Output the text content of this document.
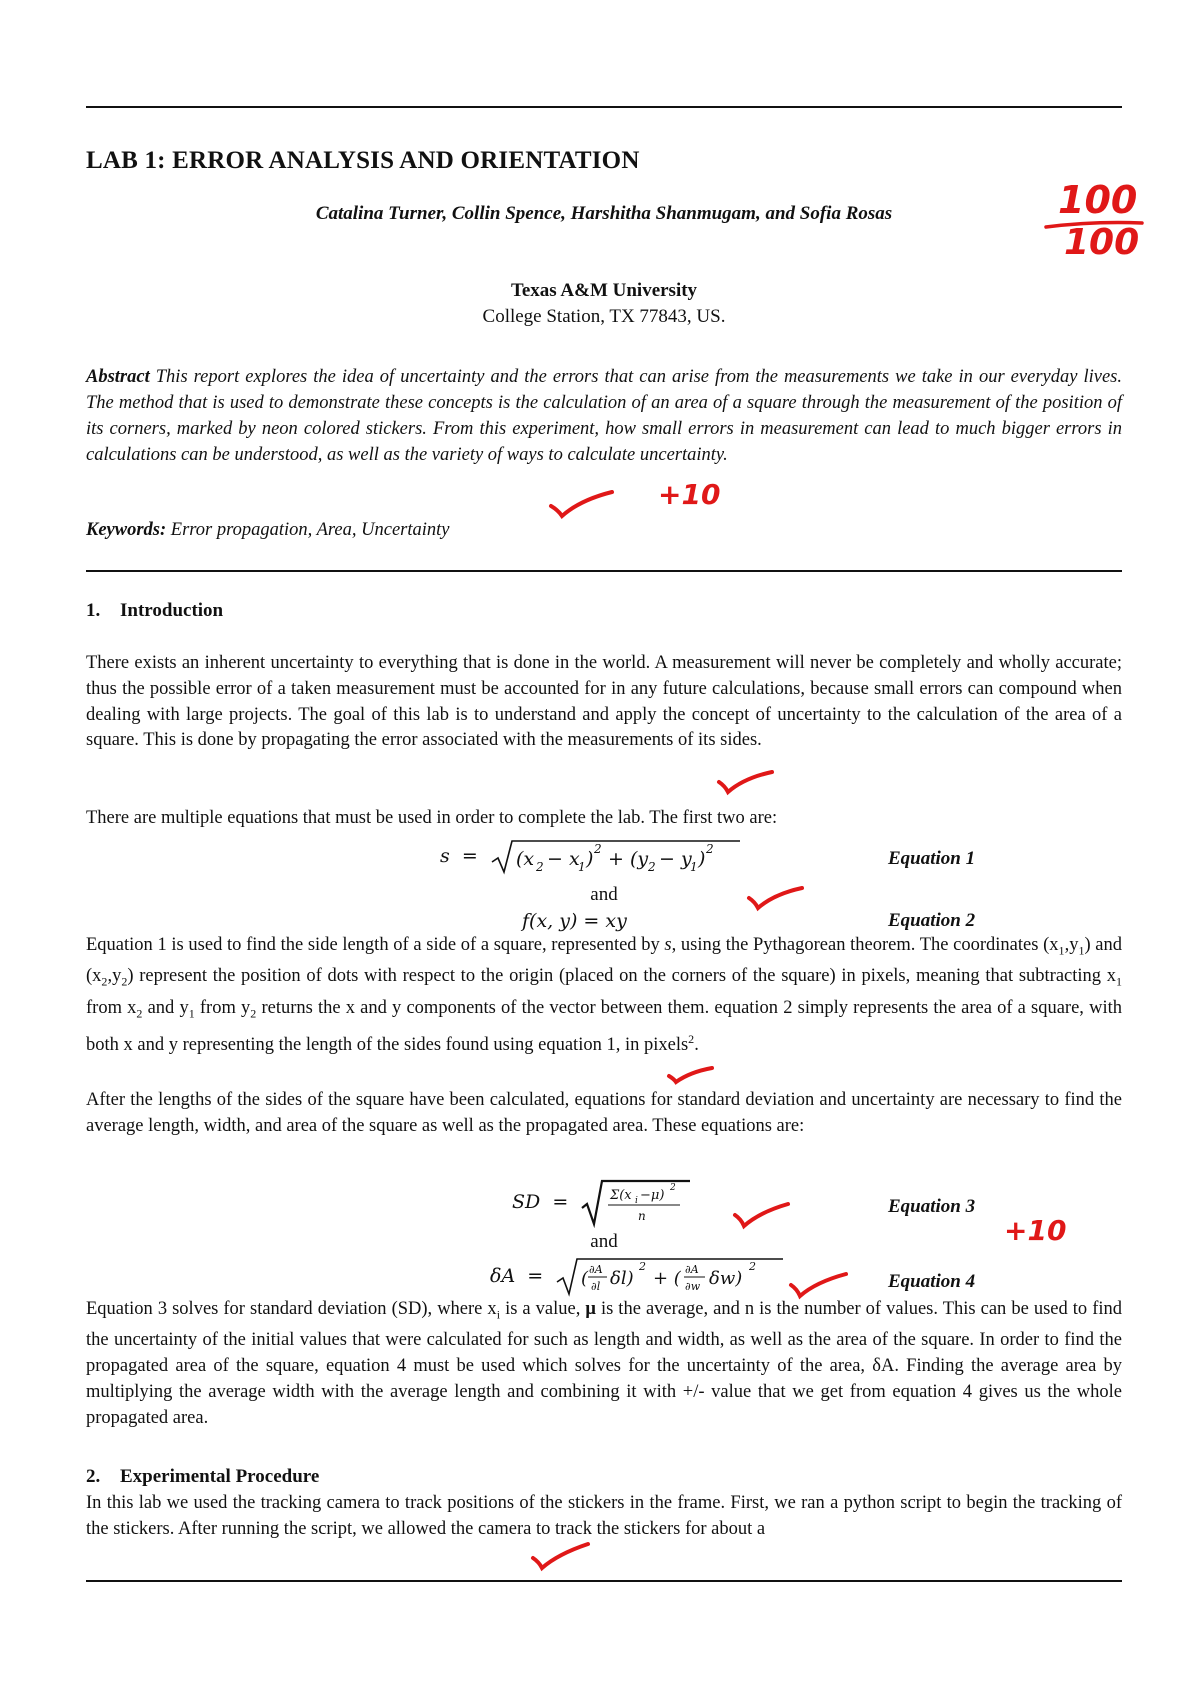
LAB 1: ERROR ANALYSIS AND ORIENTATION
Catalina Turner, Collin Spence, Harshitha Shanmugam, and Sofia Rosas
Texas A&M University
College Station, TX 77843, US.

Abstract This report explores the idea of uncertainty and the errors that can arise from the measurements we take in our everyday lives. The method that is used to demonstrate these concepts is the calculation of an area of a square through the measurement of the position of its corners, marked by neon colored stickers. From this experiment, how small errors in measurement can lead to much bigger errors in calculations can be understood, as well as the variety of ways to calculate uncertainty.

Keywords: Error propagation, Area, Uncertainty
1. Introduction

There exists an inherent uncertainty to everything that is done in the world. A measurement will never be completely and wholly accurate; thus the possible error of a taken measurement must be accounted for in any future calculations, because small errors can compound when dealing with large projects. The goal of this lab is to understand and apply the concept of uncertainty to the calculation of the area of a square. This is done by propagating the error associated with the measurements of its sides.

There are multiple equations that must be used in order to complete the lab. The first two are:

s  = (x 2 − x
1 ) 2 + (y 2 − y
1 ) 2	Equation 1
and
f(x, y) = xy	Equation 2

Equation 1 is used to find the side length of a side of a square, represented by s, using the Pythagorean theorem. The coordinates $(x_1,y_1)$ and $(x_2,y_2)$ represent the position of dots with respect to the origin (placed on the corners of the square) in pixels, meaning that subtracting $x_1$ from $x_2$ and $y_1$ from $y_2$ returns the x and y components of the vector between them. equation 2 simply represents the area of a square, with both x and y representing the length of the sides found using equation 1, in pixels$^2$.

After the lengths of the sides of the square have been calculated, equations for standard deviation and uncertainty are necessary to find the average length, width, and area of the square as well as the propagated area. These equations are:

SD  = Σ(x i −μ) 2
n	Equation 3
and
δA  = ( ∂A
∂l δl)
2
+ ( ∂A
∂w δw)
2
Equation 4

Equation 3 solves for standard deviation (SD), where $x_i$ is a value, μ is the average, and n is the number of values. This can be used to find the uncertainty of the initial values that were calculated for such as length and width, as well as the area of the square. In order to find the propagated area of the square, equation 4 must be used which solves for the uncertainty of the area, δA. Finding the average area by multiplying the average width with the average length and combining it with +/- value that we get from equation 4 gives us the whole propagated area.

2. Experimental Procedure

In this lab we used the tracking camera to track positions of the stickers in the frame. First, we ran a python script to begin the tracking of the stickers. After running the script, we allowed the camera to track the stickers for about a

+10
+10
100
100
